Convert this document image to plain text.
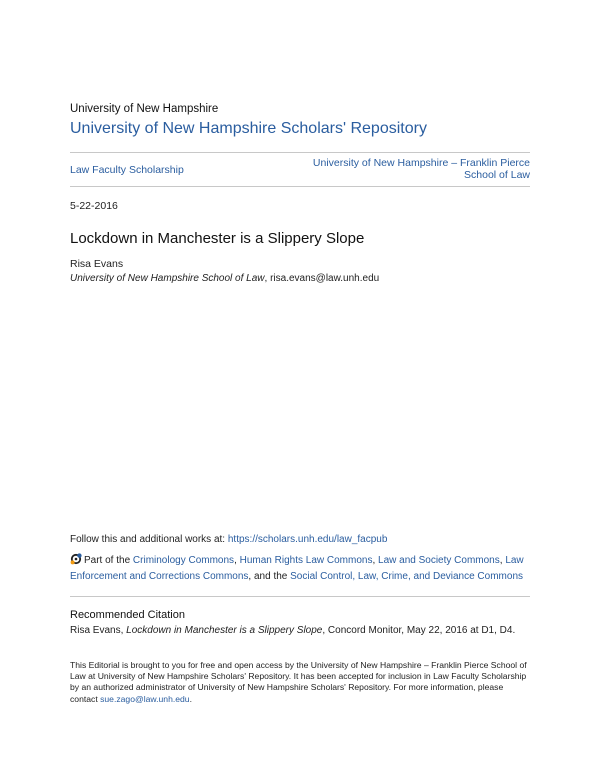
University of New Hampshire
University of New Hampshire Scholars' Repository
Law Faculty Scholarship
University of New Hampshire – Franklin Pierce School of Law
5-22-2016
Lockdown in Manchester is a Slippery Slope
Risa Evans
University of New Hampshire School of Law, risa.evans@law.unh.edu
Follow this and additional works at: https://scholars.unh.edu/law_facpub
Part of the Criminology Commons, Human Rights Law Commons, Law and Society Commons, Law Enforcement and Corrections Commons, and the Social Control, Law, Crime, and Deviance Commons
Recommended Citation
Risa Evans, Lockdown in Manchester is a Slippery Slope, Concord Monitor, May 22, 2016 at D1, D4.
This Editorial is brought to you for free and open access by the University of New Hampshire – Franklin Pierce School of Law at University of New Hampshire Scholars' Repository. It has been accepted for inclusion in Law Faculty Scholarship by an authorized administrator of University of New Hampshire Scholars' Repository. For more information, please contact sue.zago@law.unh.edu.
